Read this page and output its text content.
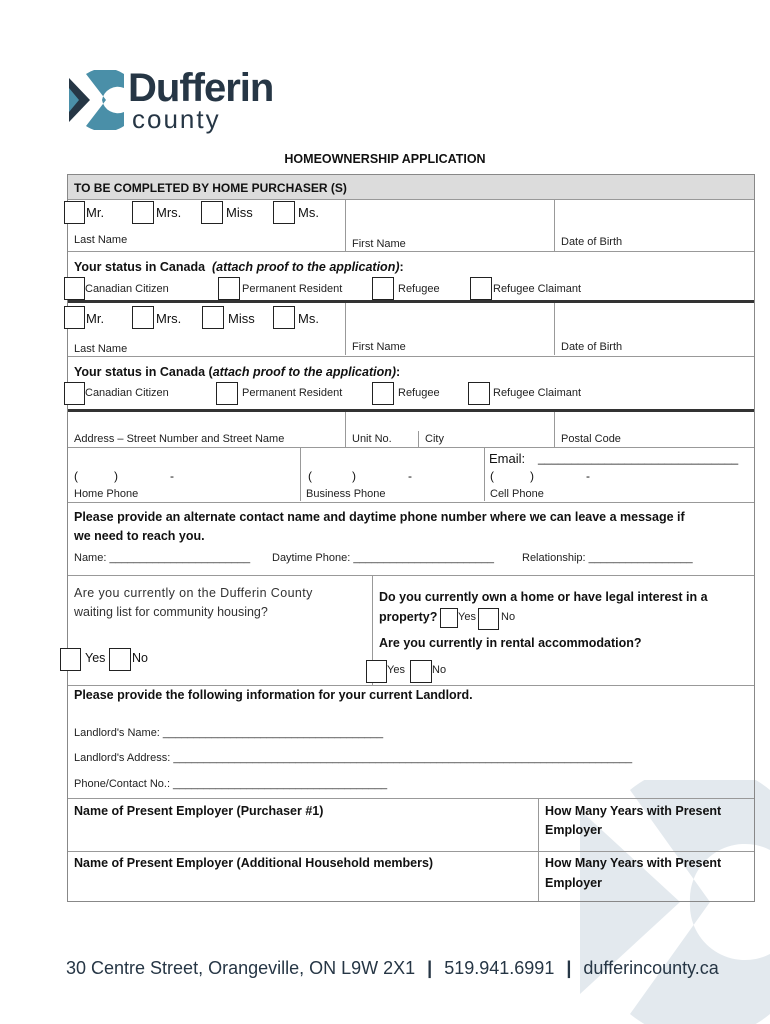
Dufferin
county
HOMEOWNERSHIP APPLICATION
TO BE COMPLETED BY HOME PURCHASER (S)
Mr.	Mrs.	Miss	Ms.
Last Name	First Name	Date of Birth
Your status in Canada (attach proof to the application):
Canadian Citizen	Permanent Resident	Refugee	Refugee Claimant
Mr.	Mrs.	Miss	Ms.
Last Name	First Name	Date of Birth
Your status in Canada (attach proof to the application):
Canadian Citizen	Permanent Resident	Refugee	Refugee Claimant
Address – Street Number and Street Name	Unit No.	City	Postal Code
Email: ______________________________
(	)	-	(	)	-	(	)	-
Home Phone	Business Phone	Cell Phone
Please provide an alternate contact name and daytime phone number where we can leave a message if
we need to reach you.
Name: _______________________ Daytime Phone: _______________________	Relationship: _________________
Are you currently on the Dufferin County
waiting list for community housing?
Yes No
Do you currently own a home or have legal interest in a
property? Yes No
Are you currently in rental accommodation?
Yes No
Please provide the following information for your current Landlord.
Landlord's Name: ____________________________________
Landlord's Address: ___________________________________________________________________________
Phone/Contact No.: ___________________________________
Name of Present Employer (Purchaser #1)	How Many Years with Present
Employer
Name of Present Employer (Additional Household members)	How Many Years with Present
Employer
30 Centre Street, Orangeville, ON L9W 2X1 | 519.941.6991 | dufferincounty.ca
